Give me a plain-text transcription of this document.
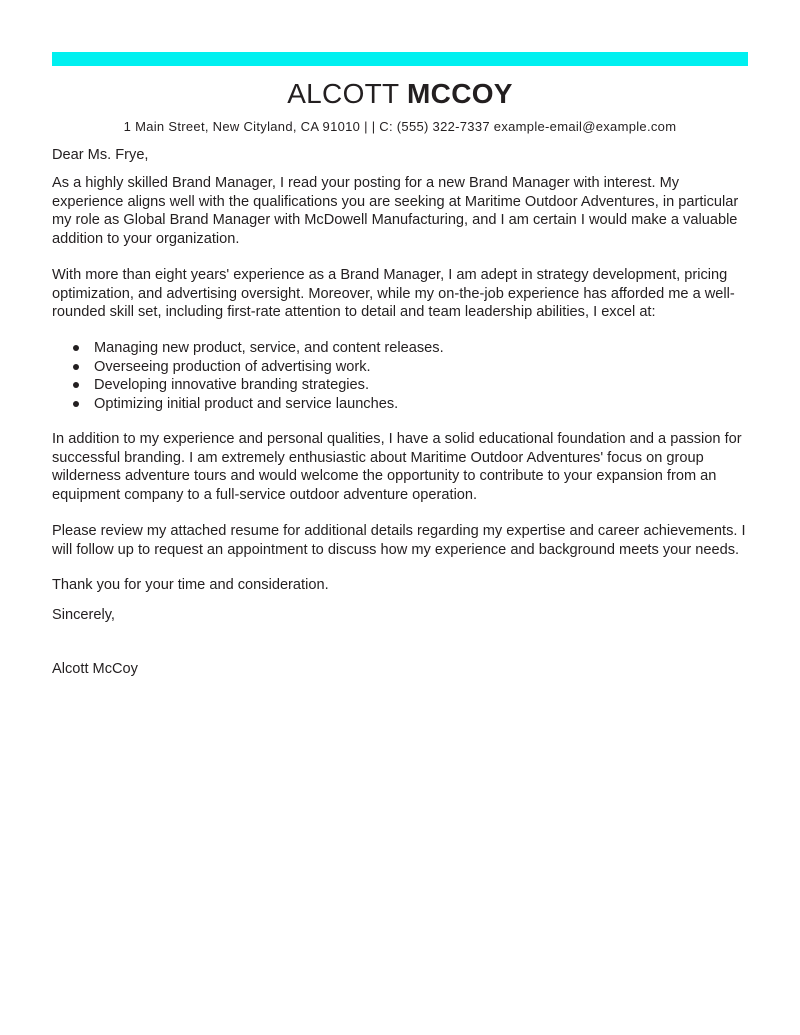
ALCOTT MCCOY
1 Main Street, New Cityland, CA 91010 | | C: (555) 322-7337 example-email@example.com
Dear Ms. Frye,
As a highly skilled Brand Manager, I read your posting for a new Brand Manager with interest. My experience aligns well with the qualifications you are seeking at Maritime Outdoor Adventures, in particular my role as Global Brand Manager with McDowell Manufacturing, and I am certain I would make a valuable addition to your organization.
With more than eight years' experience as a Brand Manager, I am adept in strategy development, pricing optimization, and advertising oversight. Moreover, while my on-the-job experience has afforded me a well-rounded skill set, including first-rate attention to detail and team leadership abilities, I excel at:
Managing new product, service, and content releases.
Overseeing production of advertising work.
Developing innovative branding strategies.
Optimizing initial product and service launches.
In addition to my experience and personal qualities, I have a solid educational foundation and a passion for successful branding. I am extremely enthusiastic about Maritime Outdoor Adventures' focus on group wilderness adventure tours and would welcome the opportunity to contribute to your expansion from an equipment company to a full-service outdoor adventure operation.
Please review my attached resume for additional details regarding my expertise and career achievements. I will follow up to request an appointment to discuss how my experience and background meets your needs.
Thank you for your time and consideration.
Sincerely,
Alcott McCoy
